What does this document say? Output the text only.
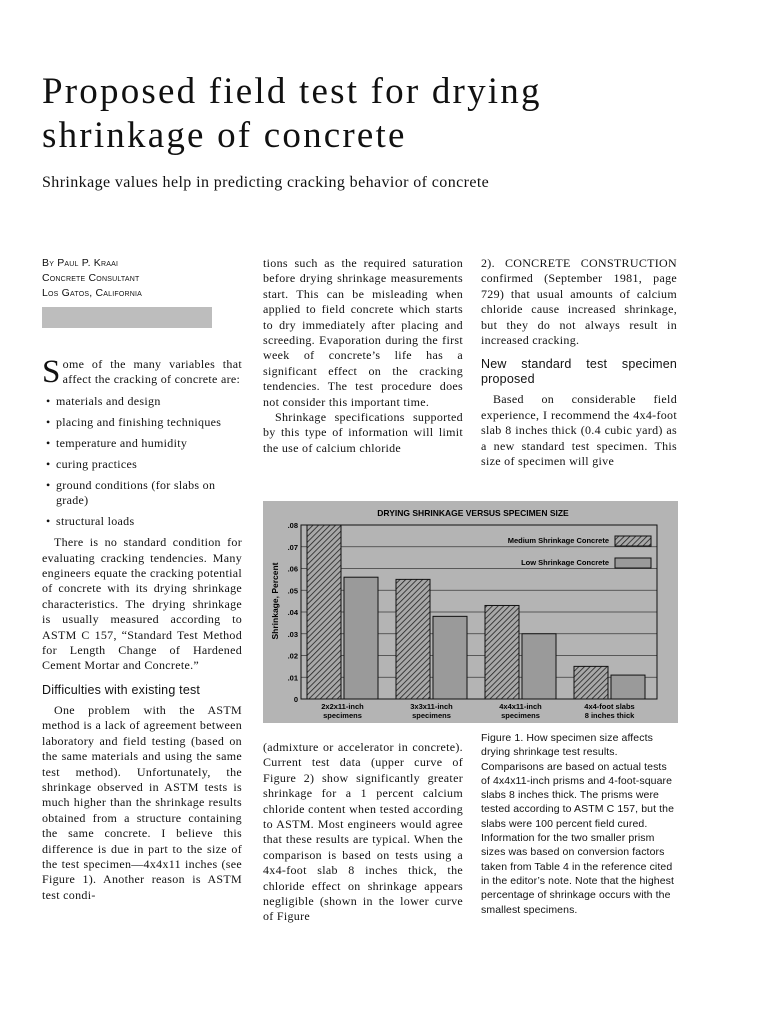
Proposed field test for drying
shrinkage of concrete
Shrinkage values help in predicting cracking behavior of concrete
By Paul P. Kraai
Concrete Consultant
Los Gatos, California

Some of the many variables that affect the cracking of concrete are:

• materials and design
• placing and finishing techniques
• temperature and humidity
• curing practices
• ground conditions (for slabs on grade)
• structural loads

There is no standard condition for evaluating cracking tendencies. Many engineers equate the cracking potential of concrete with its drying shrinkage characteristics. The drying shrinkage is usually measured according to ASTM C 157, “Standard Test Method for Length Change of Hardened Cement Mortar and Concrete.”

Difficulties with existing test

One problem with the ASTM method is a lack of agreement between laboratory and field testing (based on the same materials and using the same test method). Unfortunately, the shrinkage observed in ASTM tests is much higher than the shrinkage results obtained from a structure containing the same concrete. I believe this difference is due in part to the size of the test specimen—4x4x11 inches (see Figure 1). Another reason is ASTM test condi-

tions such as the required saturation before drying shrinkage measurements start. This can be misleading when applied to field concrete which starts to dry immediately after placing and screeding. Evaporation during the first week of concrete’s life has a significant effect on the cracking tendencies. The test procedure does not consider this important time.

Shrinkage specifications supported by this type of information will limit the use of calcium chloride

2). CONCRETE CONSTRUCTION confirmed (September 1981, page 729) that usual amounts of calcium chloride cause increased shrinkage, but they do not always result in increased cracking.

New standard test specimen proposed

Based on considerable field experience, I recommend the 4x4-foot slab 8 inches thick (0.4 cubic yard) as a new standard test specimen. This size of specimen will give

DRYING SHRINKAGE VERSUS SPECIMEN SIZE
Shrinkage, Percent
0
.01
.02
.03
.04
.05
.06
.07
.08
2x2x11-inch
specimens
3x3x11-inch
specimens
4x4x11-inch
specimens
4x4-foot slabs
8 inches thick
Medium Shrinkage Concrete
Low Shrinkage Concrete
Figure 1. How specimen size affects drying shrinkage test results. Comparisons are based on actual tests of 4x4x11-inch prisms and 4-foot-square slabs 8 inches thick. The prisms were tested according to ASTM C 157, but the slabs were 100 percent field cured. Information for the two smaller prism sizes was based on conversion factors taken from Table 4 in the reference cited in the editor’s note. Note that the highest percentage of shrinkage occurs with the smallest specimens.

(admixture or accelerator in concrete). Current test data (upper curve of Figure 2) show significantly greater shrinkage for a 1 percent calcium chloride content when tested according to ASTM. Most engineers would agree that these results are typical. When the comparison is based on tests using a 4x4-foot slab 8 inches thick, the chloride effect on shrinkage appears negligible (shown in the lower curve of Figure
